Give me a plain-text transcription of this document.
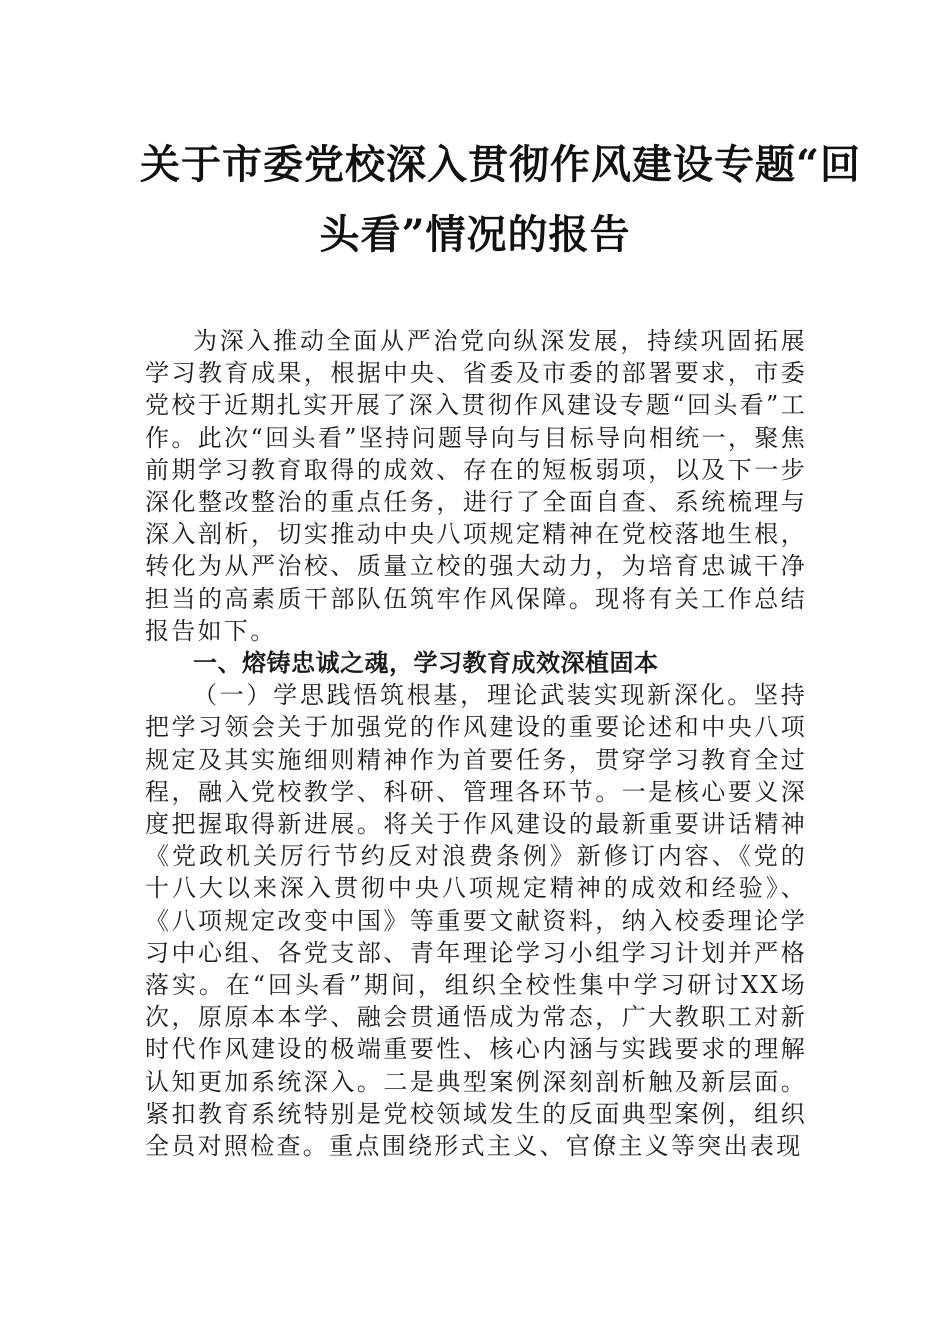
关于市委党校深入贯彻作风建设专题“回
头看”情况的报告

为深入推动全面从严治党向纵深发展，持续巩固拓展学习教育成果，根据中央、省委及市委的部署要求，市委党校于近期扎实开展了深入贯彻作风建设专题“回头看”工作。此次“回头看”坚持问题导向与目标导向相统一，聚焦前期学习教育取得的成效、存在的短板弱项，以及下一步深化整改整治的重点任务，进行了全面自查、系统梳理与深入剖析，切实推动中央八项规定精神在党校落地生根，转化为从严治校、质量立校的强大动力，为培育忠诚干净担当的高素质干部队伍筑牢作风保障。现将有关工作总结报告如下。

一、熔铸忠诚之魂，学习教育成效深植固本

（一）学思践悟筑根基，理论武装实现新深化。坚持把学习领会关于加强党的作风建设的重要论述和中央八项规定及其实施细则精神作为首要任务，贯穿学习教育全过程，融入党校教学、科研、管理各环节。一是核心要义深度把握取得新进展。将关于作风建设的最新重要讲话精神《党政机关厉行节约反对浪费条例》新修订内容、《党的十八大以来深入贯彻中央八项规定精神的成效和经验》、《八项规定改变中国》等重要文献资料，纳入校委理论学习中心组、各党支部、青年理论学习小组学习计划并严格落实。在“回头看”期间，组织全校性集中学习研讨XX场次，原原本本学、融会贯通悟成为常态，广大教职工对新时代作风建设的极端重要性、核心内涵与实践要求的理解认知更加系统深入。二是典型案例深刻剖析触及新层面。紧扣教育系统特别是党校领域发生的反面典型案例，组织全员对照检查。重点围绕形式主义、官僚主义等突出表现
